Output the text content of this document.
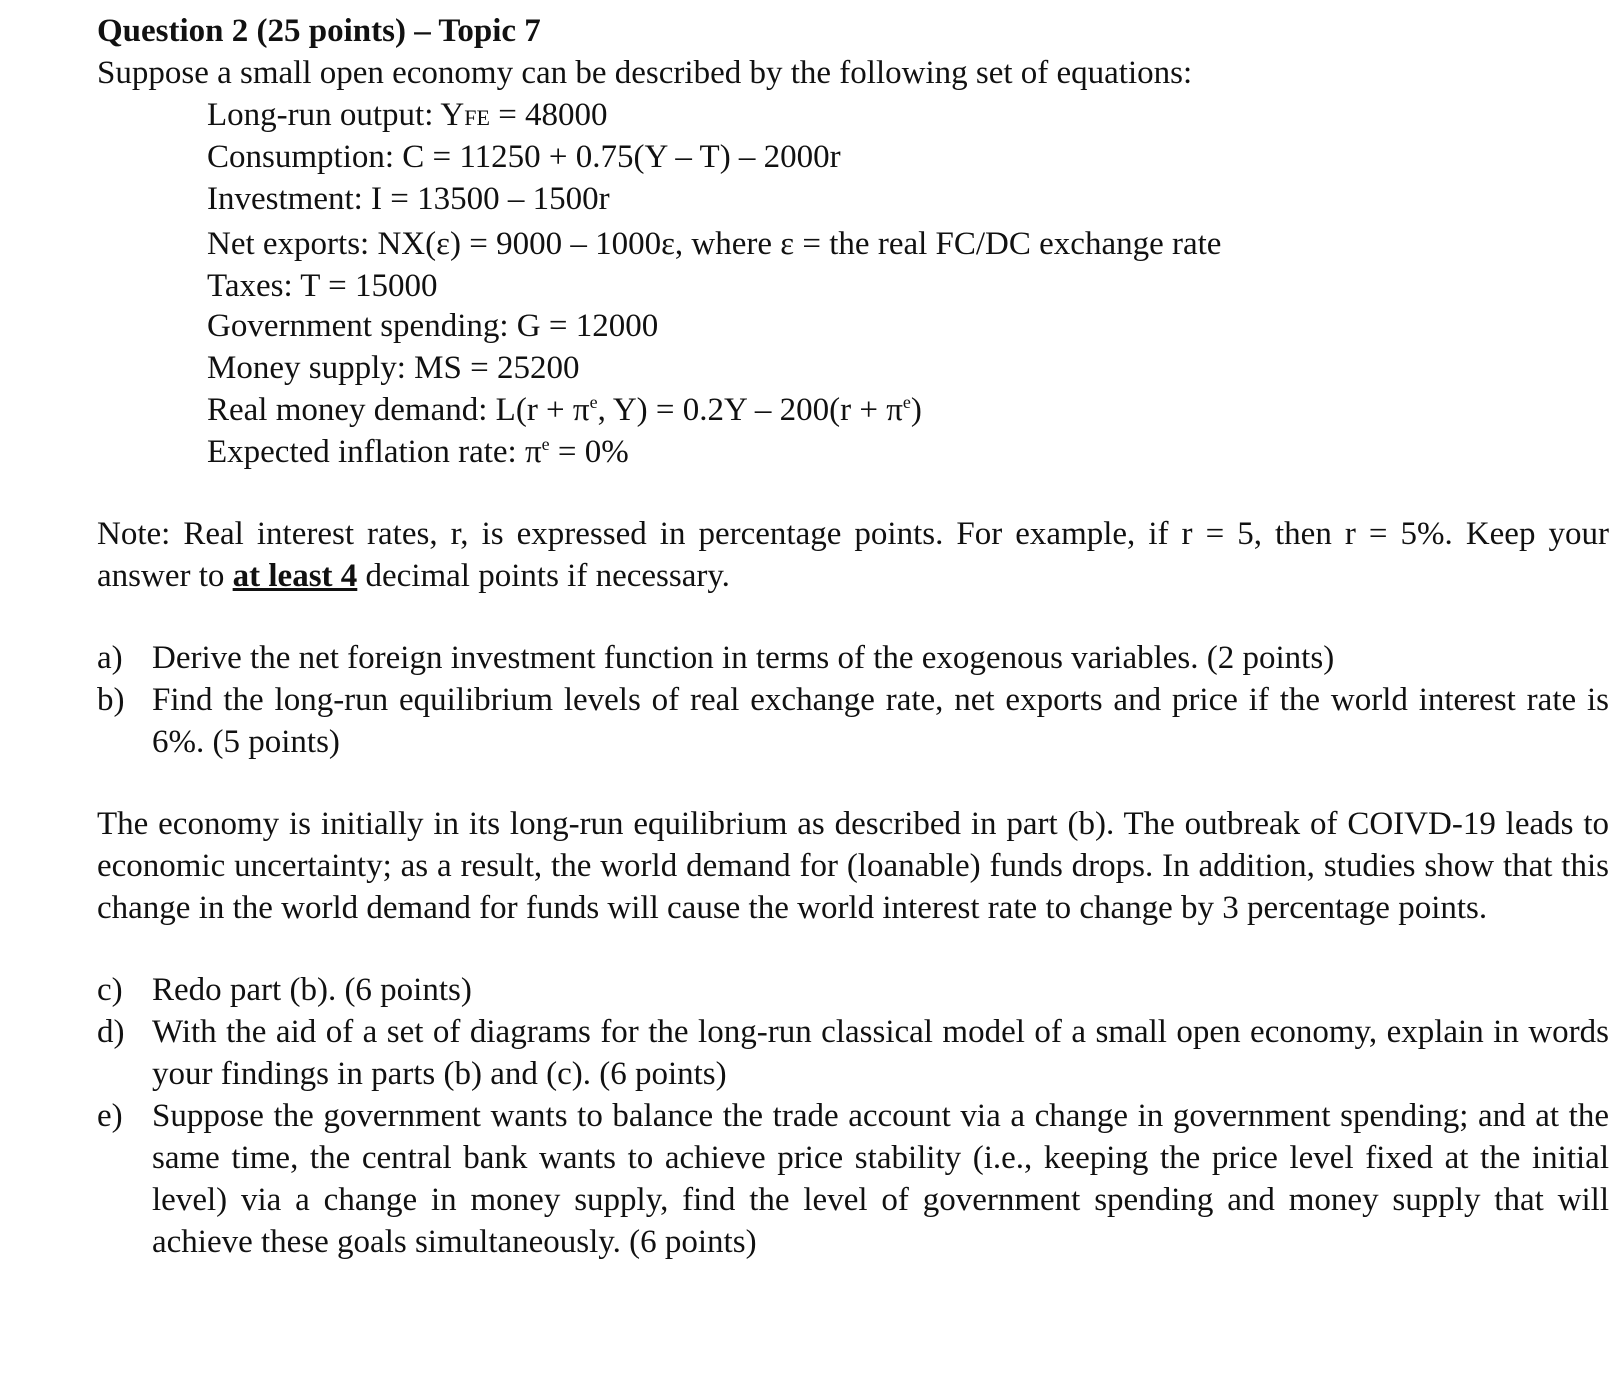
Question 2 (25 points) – Topic 7
Suppose a small open economy can be described by the following set of equations:
Long-run output: YFE = 48000
Consumption: C = 11250 + 0.75(Y – T) – 2000r
Investment: I = 13500 – 1500r
Net exports: NX(ε) = 9000 – 1000ε, where ε = the real FC/DC exchange rate
Taxes: T = 15000
Government spending: G = 12000
Money supply: MS = 25200
Real money demand: $L(r + \pi^e$, $Y) = 0.2Y - 200(r + \pi^e)$
Expected inflation rate: $\pi^e = 0\%$
Note: Real interest rates, r, is expressed in percentage points. For example, if r = 5, then r = 5%. Keep your answer to at least 4 decimal points if necessary.
a) Derive the net foreign investment function in terms of the exogenous variables. (2 points)
b) Find the long-run equilibrium levels of real exchange rate, net exports and price if the world interest rate is 6%. (5 points)
The economy is initially in its long-run equilibrium as described in part (b). The outbreak of COIVD-19 leads to economic uncertainty; as a result, the world demand for (loanable) funds drops. In addition, studies show that this change in the world demand for funds will cause the world interest rate to change by 3 percentage points.
c) Redo part (b). (6 points)
d) With the aid of a set of diagrams for the long-run classical model of a small open economy, explain in words your findings in parts (b) and (c). (6 points)
e) Suppose the government wants to balance the trade account via a change in government spending; and at the same time, the central bank wants to achieve price stability (i.e., keeping the price level fixed at the initial level) via a change in money supply, find the level of government spending and money supply that will achieve these goals simultaneously. (6 points)
